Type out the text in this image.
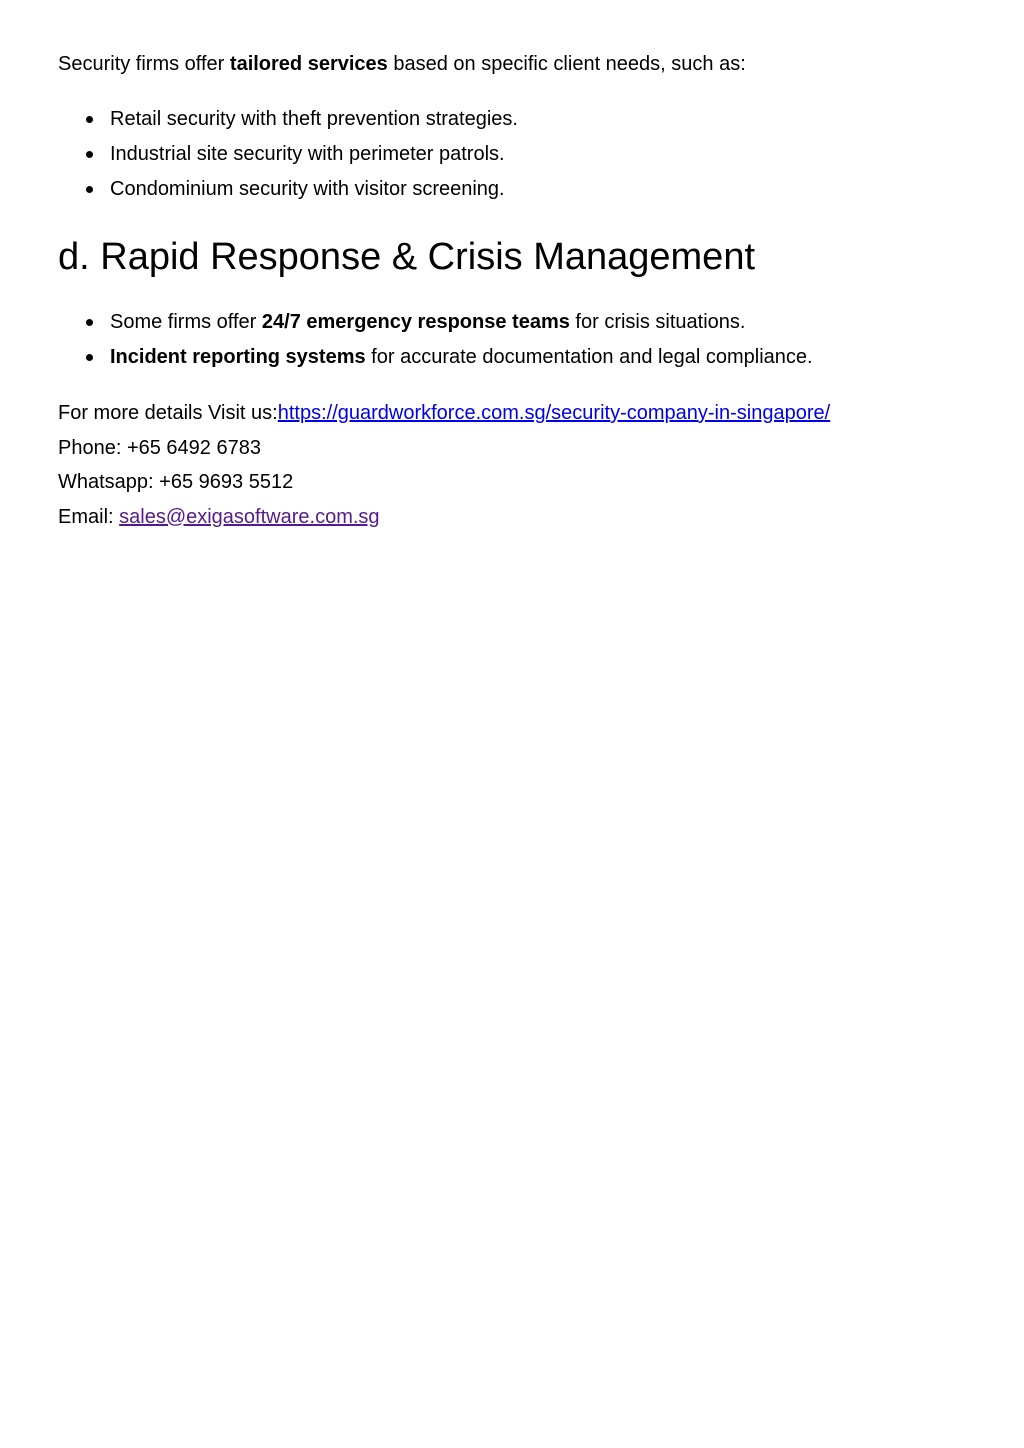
Security firms offer tailored services based on specific client needs, such as:

Retail security with theft prevention strategies.
Industrial site security with perimeter patrols.
Condominium security with visitor screening.
d. Rapid Response & Crisis Management
Some firms offer 24/7 emergency response teams for crisis situations.
Incident reporting systems for accurate documentation and legal compliance.

For more details Visit us:https://guardworkforce.com.sg/security-company-in-singapore/

Phone: +65 6492 6783

Whatsapp: +65 9693 5512

Email: sales@exigasoftware.com.sg
